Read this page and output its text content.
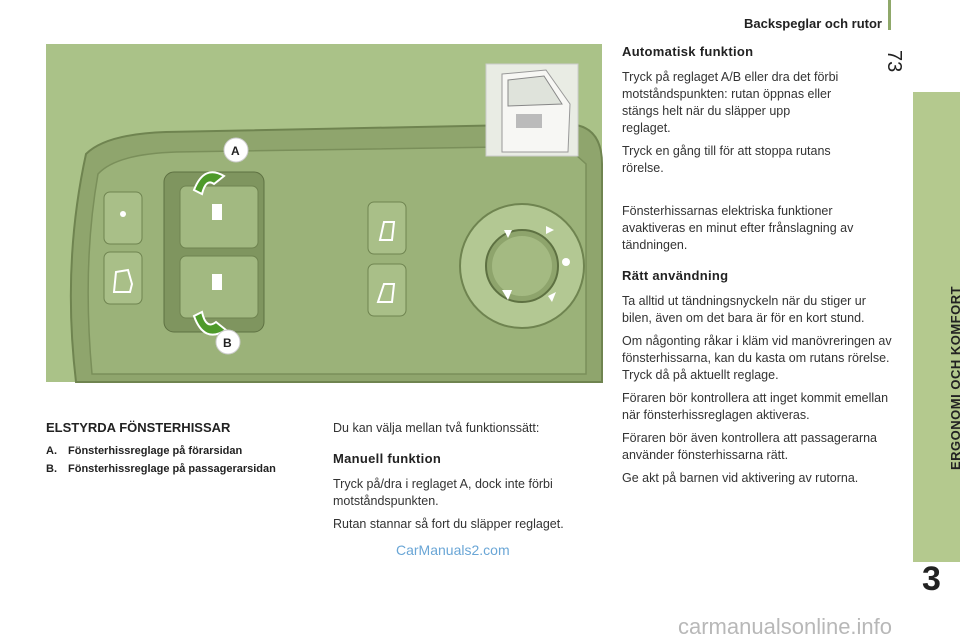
Backspeglar och rutor
73
ERGONOMI OCH KOMFORT
3
A
B
ELSTYRDA FÖNSTERHISSAR
A.	Fönsterhissreglage på förarsidan
B.	Fönsterhissreglage på passagerarsidan

Du kan välja mellan två funktionssätt:

Manuell funktion

Tryck på/dra i reglaget A, dock inte förbi motståndspunkten.

Rutan stannar så fort du släpper reglaget.

Automatisk funktion

Tryck på reglaget A/B eller dra det förbi motståndspunkten: rutan öppnas eller stängs helt när du släpper upp reglaget.

Tryck en gång till för att stoppa rutans rörelse.

Fönsterhissarnas elektriska funktioner avaktiveras en minut efter frånslagning av tändningen.

Rätt användning

Ta alltid ut tändningsnyckeln när du stiger ur bilen, även om det bara är för en kort stund.

Om någonting råkar i kläm vid manövreringen av fönsterhissarna, kan du kasta om rutans rörelse. Tryck då på aktuellt reglage.

Föraren bör kontrollera att inget kommit emellan när fönsterhissreglagen aktiveras.

Föraren bör även kontrollera att passagerarna använder fönsterhissarna rätt.

Ge akt på barnen vid aktivering av rutorna.

CarManuals2.com
carmanualsonline.info
